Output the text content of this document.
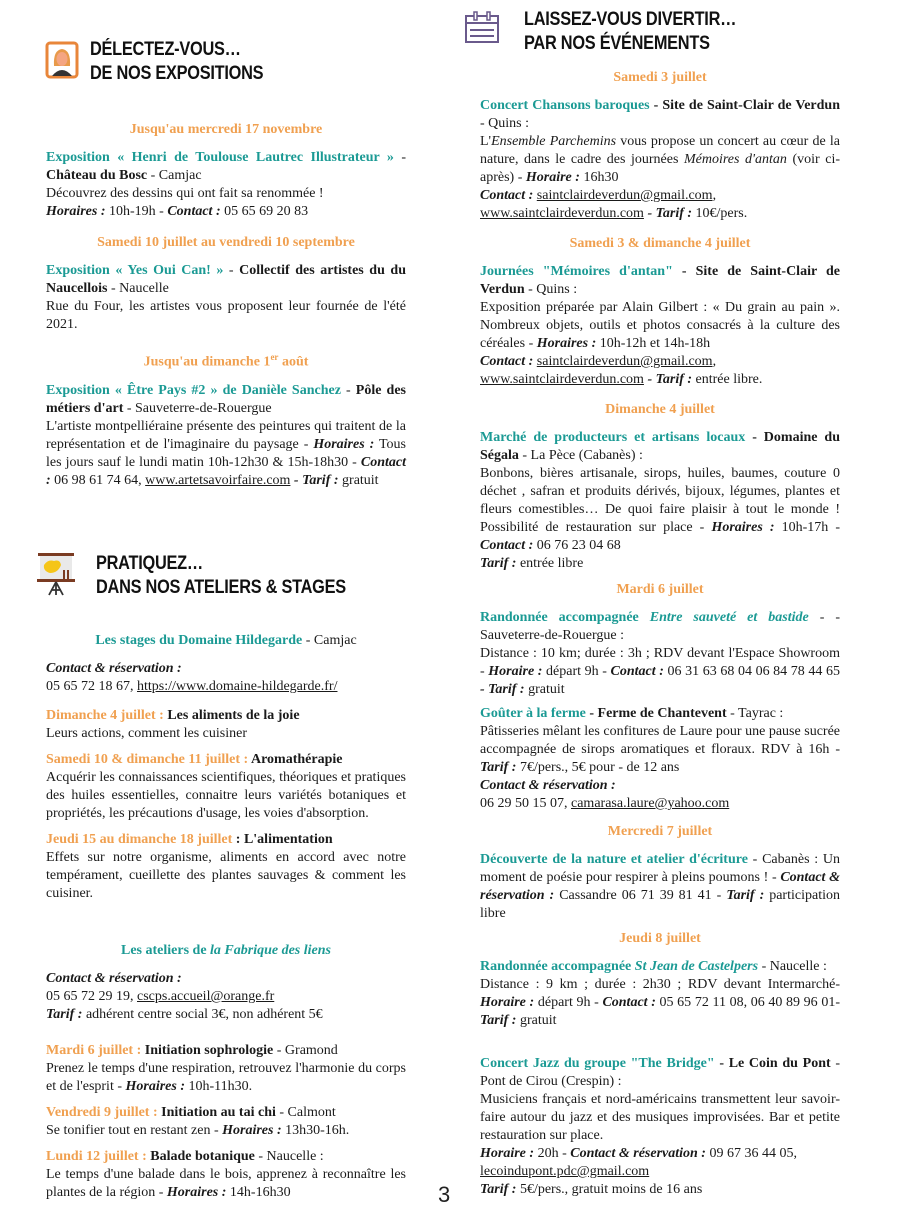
DÉLECTEZ-VOUS…
DE NOS EXPOSITIONS
Jusqu'au mercredi 17 novembre

Exposition « Henri de Toulouse Lautrec Illustrateur » - Château du Bosc - Camjac
Découvrez des dessins qui ont fait sa renommée !
Horaires : 10h-19h - Contact : 05 65 69 20 83

Samedi 10 juillet au vendredi 10 septembre

Exposition « Yes Oui Can! » - Collectif des artistes du du Naucellois - Naucelle
Rue du Four, les artistes vous proposent leur fournée de l'été 2021.

Jusqu'au dimanche 1er août

Exposition « Être Pays #2 » de Danièle Sanchez - Pôle des métiers d'art - Sauveterre-de-Rouergue
L'artiste montpelliéraine présente des peintures qui traitent de la représentation et de l'imaginaire du paysage - Horaires : Tous les jours sauf le lundi matin 10h-12h30 & 15h-18h30 - Contact : 06 98 61 74 64, www.artetsavoirfaire.com - Tarif : gratuit

PRATIQUEZ…
DANS NOS ATELIERS & STAGES
Les stages du Domaine Hildegarde - Camjac

Contact & réservation :
05 65 72 18 67, https://www.domaine-hildegarde.fr/

Dimanche 4 juillet : Les aliments de la joie
Leurs actions, comment les cuisiner

Samedi 10 & dimanche 11 juillet : Aromathérapie
Acquérir les connaissances scientifiques, théoriques et pratiques des huiles essentielles, connaitre leurs variétés botaniques et propriétés, les précautions d'usage, les voies d'absorption.

Jeudi 15 au dimanche 18 juillet : L'alimentation
Effets sur notre organisme, aliments en accord avec notre tempérament, cueillette des plantes sauvages & comment les cuisiner.

Les ateliers de la Fabrique des liens

Contact & réservation :
05 65 72 29 19, cscps.accueil@orange.fr
Tarif : adhérent centre social 3€, non adhérent 5€

Mardi 6 juillet : Initiation sophrologie - Gramond
Prenez le temps d'une respiration, retrouvez l'harmonie du corps et de l'esprit - Horaires : 10h-11h30.

Vendredi 9 juillet : Initiation au tai chi - Calmont
Se tonifier tout en restant zen - Horaires : 13h30-16h.

Lundi 12 juillet : Balade botanique - Naucelle :
Le temps d'une balade dans le bois, apprenez à reconnaître les plantes de la région - Horaires : 14h-16h30

LAISSEZ-VOUS DIVERTIR…
PAR NOS ÉVÉNEMENTS
Samedi 3 juillet

Concert Chansons baroques - Site de Saint-Clair de Verdun - Quins :
L'Ensemble Parchemins vous propose un concert au cœur de la nature, dans le cadre des journées Mémoires d'antan (voir ci-après) - Horaire : 16h30
Contact : saintclairdeverdun@gmail.com,
www.saintclairdeverdun.com - Tarif : 10€/pers.

Samedi 3 & dimanche 4 juillet

Journées "Mémoires d'antan" - Site de Saint-Clair de Verdun - Quins :
Exposition préparée par Alain Gilbert : « Du grain au pain ». Nombreux objets, outils et photos consacrés à la culture des céréales - Horaires : 10h-12h et 14h-18h
Contact : saintclairdeverdun@gmail.com,
www.saintclairdeverdun.com - Tarif : entrée libre.

Dimanche 4 juillet

Marché de producteurs et artisans locaux - Domaine du Ségala - La Pèce (Cabanès) :
Bonbons, bières artisanale, sirops, huiles, baumes, couture 0 déchet , safran et produits dérivés, bijoux, légumes, plantes et fleurs comestibles… De quoi faire plaisir à tout le monde ! Possibilité de restauration sur place - Horaires : 10h-17h - Contact : 06 76 23 04 68
Tarif : entrée libre

Mardi 6 juillet

Randonnée accompagnée Entre sauveté et bastide - - Sauveterre-de-Rouergue :
Distance : 10 km; durée : 3h ; RDV devant l'Espace Showroom - Horaire : départ 9h - Contact : 06 31 63 68 04 06 84 78 44 65 - Tarif : gratuit

Goûter à la ferme - Ferme de Chantevent - Tayrac :
Pâtisseries mêlant les confitures de Laure pour une pause sucrée accompagnée de sirops aromatiques et floraux. RDV à 16h - Tarif : 7€/pers., 5€ pour - de 12 ans
Contact & réservation :
06 29 50 15 07, camarasa.laure@yahoo.com

Mercredi 7 juillet

Découverte de la nature et atelier d'écriture - Cabanès : Un moment de poésie pour respirer à pleins poumons ! - Contact & réservation : Cassandre 06 71 39 81 41 - Tarif : participation libre

Jeudi 8 juillet

Randonnée accompagnée St Jean de Castelpers - Naucelle :
Distance : 9 km ; durée : 2h30 ; RDV devant Intermarché- Horaire : départ 9h - Contact : 05 65 72 11 08, 06 40 89 96 01- Tarif : gratuit

Concert Jazz du groupe "The Bridge" - Le Coin du Pont - Pont de Cirou (Crespin) :
Musiciens français et nord-américains transmettent leur savoir-faire autour du jazz et des musiques improvisées. Bar et petite restauration sur place.
Horaire : 20h - Contact & réservation : 09 67 36 44 05,
lecoindupont.pdc@gmail.com
Tarif : 5€/pers., gratuit moins de 16 ans

3
